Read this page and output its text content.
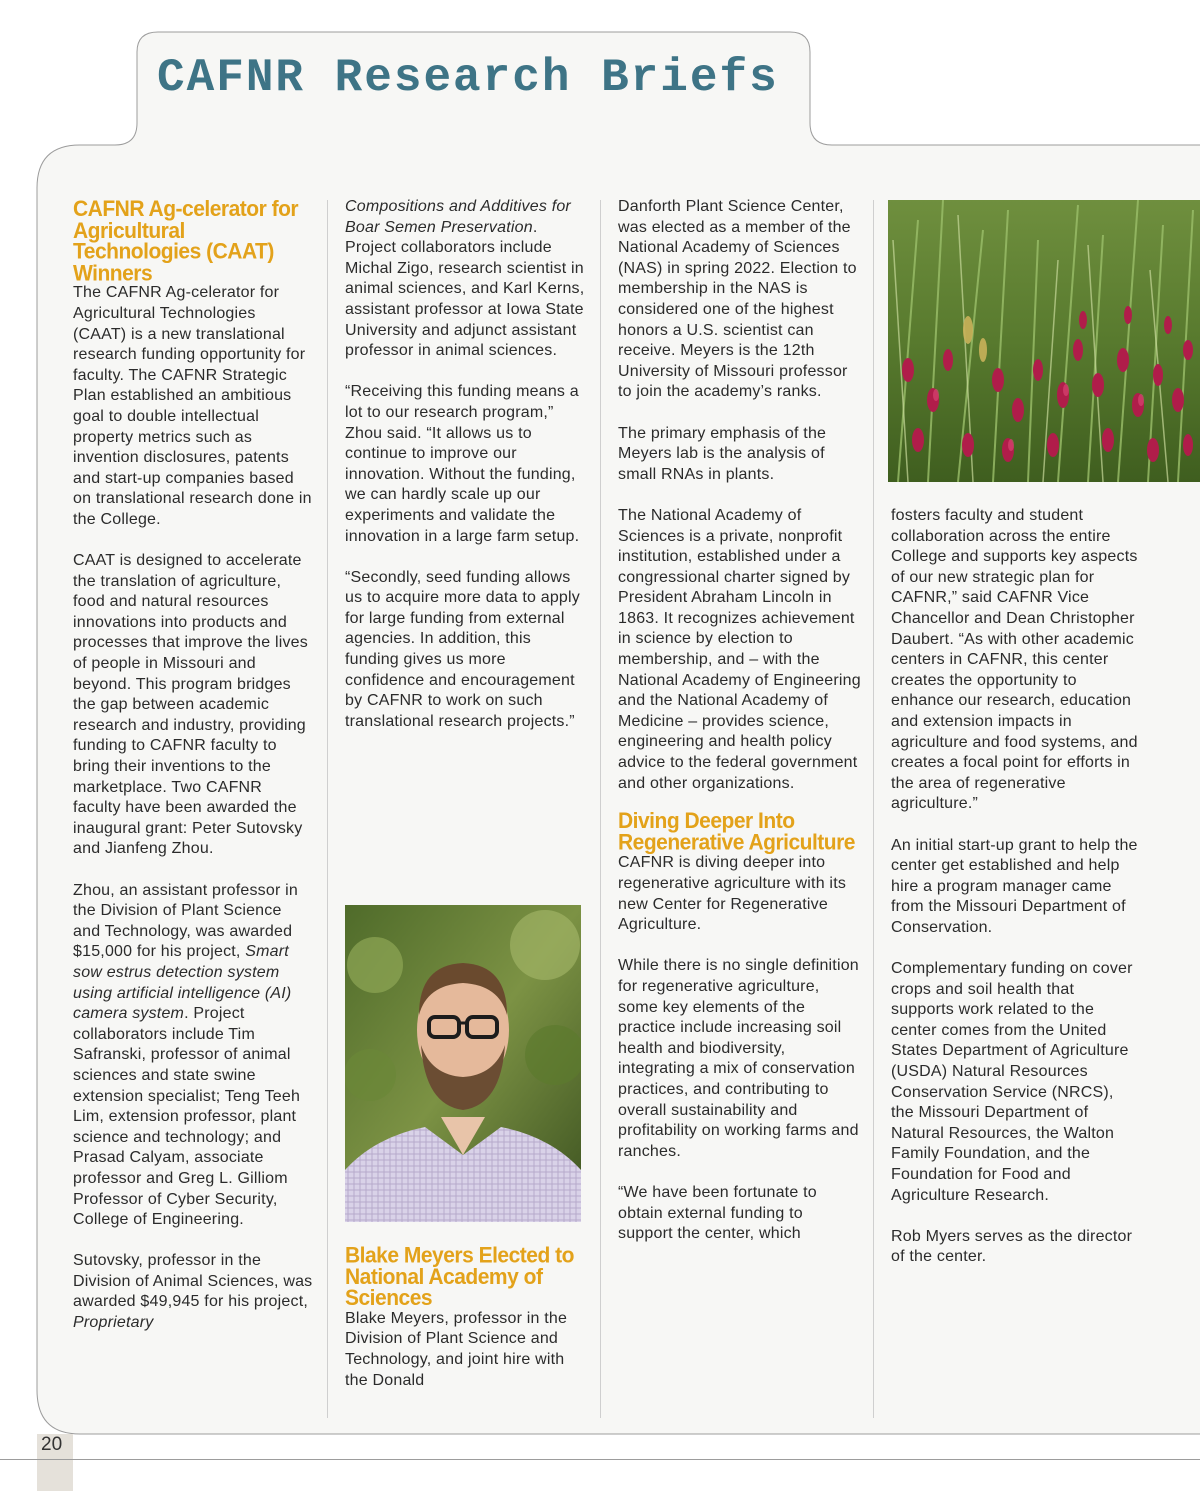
20
CAFNR Research Briefs
CAFNR Ag-celerator for Agricultural Technologies (CAAT) Winners

The CAFNR Ag-celerator for Agricultural Technologies (CAAT) is a new translational research funding opportunity for faculty. The CAFNR Strategic Plan established an ambitious goal to double intellectual property metrics such as invention disclosures, patents and start-up companies based on translational research done in the College.

CAAT is designed to accelerate the translation of agriculture, food and natural resources innovations into products and processes that improve the lives of people in Missouri and beyond. This program bridges the gap between academic research and industry, providing funding to CAFNR faculty to bring their inventions to the marketplace. Two CAFNR faculty have been awarded the inaugural grant: Peter Sutovsky and Jianfeng Zhou.

Zhou, an assistant professor in the Division of Plant Science and Technology, was awarded $15,000 for his project, Smart sow estrus detection system using artificial intelligence (AI) camera system. Project collaborators include Tim Safranski, professor of animal sciences and state swine extension specialist; Teng Teeh Lim, extension professor, plant science and technology; and Prasad Calyam, associate professor and Greg L. Gilliom Professor of Cyber Security, College of Engineering.

Sutovsky, professor in the Division of Animal Sciences, was awarded $49,945 for his project, Proprietary

Compositions and Additives for Boar Semen Preservation. Project collaborators include Michal Zigo, research scientist in animal sciences, and Karl Kerns, assistant professor at Iowa State University and adjunct assistant professor in animal sciences.

“Receiving this funding means a lot to our research program,” Zhou said. “It allows us to continue to improve our innovation. Without the funding, we can hardly scale up our experiments and validate the innovation in a large farm setup.

“Secondly, seed funding allows us to acquire more data to apply for large funding from external agencies. In addition, this funding gives us more confidence and encouragement by CAFNR to work on such translational research projects.”

Blake Meyers Elected to National Academy of Sciences

Blake Meyers, professor in the Division of Plant Science and Technology, and joint hire with the Donald

Danforth Plant Science Center, was elected as a member of the National Academy of Sciences (NAS) in spring 2022. Election to membership in the NAS is considered one of the highest honors a U.S. scientist can receive. Meyers is the 12th University of Missouri professor to join the academy’s ranks.

The primary emphasis of the Meyers lab is the analysis of small RNAs in plants.

The National Academy of Sciences is a private, nonprofit institution, established under a congressional charter signed by President Abraham Lincoln in 1863. It recognizes achievement in science by election to membership, and – with the National Academy of Engineering and the National Academy of Medicine – provides science, engineering and health policy advice to the federal government and other organizations.

Diving Deeper Into Regenerative Agriculture

CAFNR is diving deeper into regenerative agriculture with its new Center for Regenerative Agriculture.

While there is no single definition for regenerative agriculture, some key elements of the practice include increasing soil health and biodiversity, integrating a mix of conservation practices, and contributing to overall sustainability and profitability on working farms and ranches.

“We have been fortunate to obtain external funding to support the center, which

fosters faculty and student collaboration across the entire College and supports key aspects of our new strategic plan for CAFNR,” said CAFNR Vice Chancellor and Dean Christopher Daubert. “As with other academic centers in CAFNR, this center creates the opportunity to enhance our research, education and extension impacts in agriculture and food systems, and creates a focal point for efforts in the area of regenerative agriculture.”

An initial start-up grant to help the center get established and help hire a program manager came from the Missouri Department of Conservation.

Complementary funding on cover crops and soil health that supports work related to the center comes from the United States Department of Agriculture (USDA) Natural Resources Conservation Service (NRCS), the Missouri Department of Natural Resources, the Walton Family Foundation, and the Foundation for Food and Agriculture Research.

Rob Myers serves as the director of the center.
